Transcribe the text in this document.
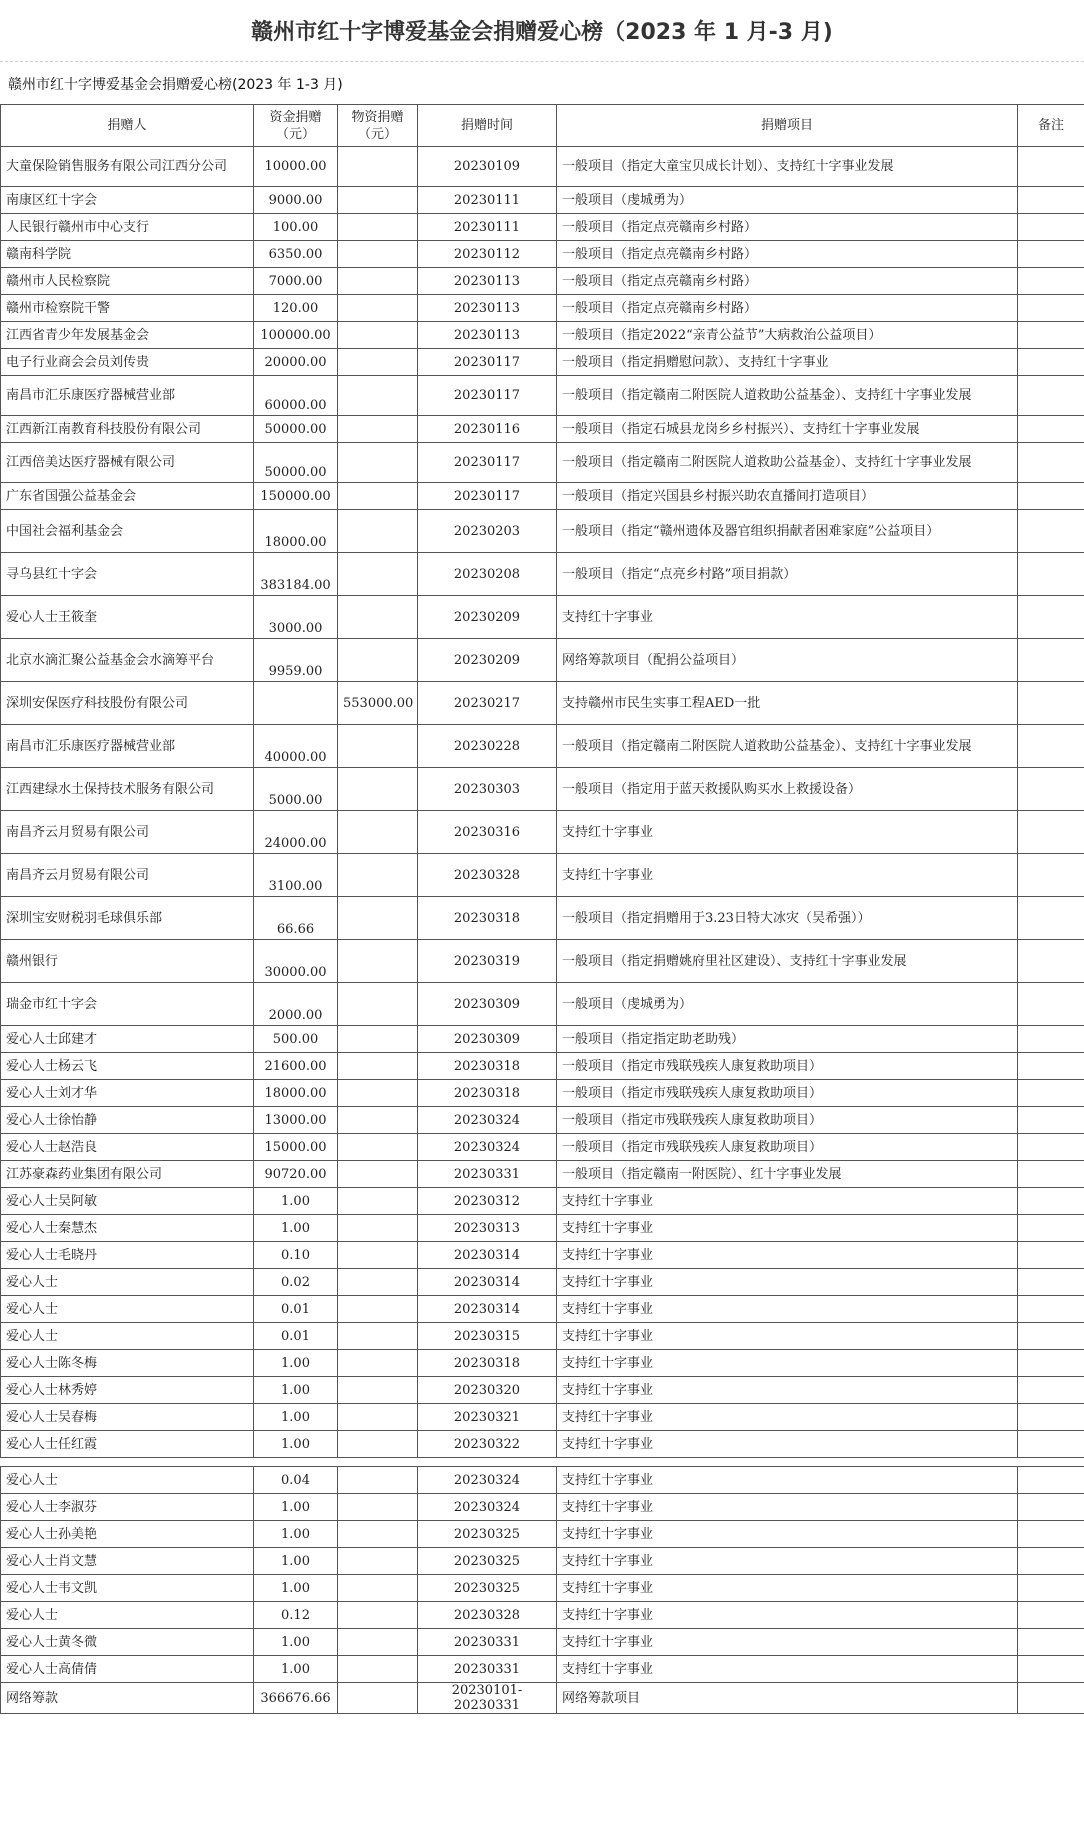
赣州市红十字博爱基金会捐赠爱心榜（2023 年 1 月-3 月)
赣州市红十字博爱基金会捐赠爱心榜(2023 年 1-3 月)
捐赠人	资金捐赠（元）	物资捐赠（元）	捐赠时间	捐赠项目	备注
大童保险销售服务有限公司江西分公司	10000.00		20230109	一般项目（指定大童宝贝成长计划）、支持红十字事业发展	
南康区红十字会	9000.00		20230111	一般项目（虔城勇为）	
人民银行赣州市中心支行	100.00		20230111	一般项目（指定点亮赣南乡村路）	
赣南科学院	6350.00		20230112	一般项目（指定点亮赣南乡村路）	
赣州市人民检察院	7000.00		20230113	一般项目（指定点亮赣南乡村路）	
赣州市检察院干警	120.00		20230113	一般项目（指定点亮赣南乡村路）	
江西省青少年发展基金会	100000.00		20230113	一般项目（指定2022“亲青公益节”大病救治公益项目）	
电子行业商会会员刘传贵	20000.00		20230117	一般项目（指定捐赠慰问款）、支持红十字事业	
南昌市汇乐康医疗器械营业部	60000.00		20230117	一般项目（指定赣南二附医院人道救助公益基金）、支持红十字事业发展	
江西新江南教育科技股份有限公司	50000.00		20230116	一般项目（指定石城县龙岗乡乡村振兴）、支持红十字事业发展	
江西倍美达医疗器械有限公司	50000.00		20230117	一般项目（指定赣南二附医院人道救助公益基金）、支持红十字事业发展	
广东省国强公益基金会	150000.00		20230117	一般项目（指定兴国县乡村振兴助农直播间打造项目）	
中国社会福利基金会	18000.00		20230203	一般项目（指定“赣州遗体及器官组织捐献者困难家庭”公益项目）	
寻乌县红十字会	383184.00		20230208	一般项目（指定“点亮乡村路”项目捐款）	
爱心人士王筱奎	3000.00		20230209	支持红十字事业	
北京水滴汇聚公益基金会水滴筹平台	9959.00		20230209	网络筹款项目（配捐公益项目）	
深圳安保医疗科技股份有限公司		553000.00	20230217	支持赣州市民生实事工程AED一批	
南昌市汇乐康医疗器械营业部	40000.00		20230228	一般项目（指定赣南二附医院人道救助公益基金）、支持红十字事业发展	
江西建绿水土保持技术服务有限公司	5000.00		20230303	一般项目（指定用于蓝天救援队购买水上救援设备）	
南昌齐云月贸易有限公司	24000.00		20230316	支持红十字事业	
南昌齐云月贸易有限公司	3100.00		20230328	支持红十字事业	
深圳宝安财税羽毛球俱乐部	66.66		20230318	一般项目（指定捐赠用于3.23日特大冰灾（吴希强））	
赣州银行	30000.00		20230319	一般项目（指定捐赠姚府里社区建设）、支持红十字事业发展	
瑞金市红十字会	2000.00		20230309	一般项目（虔城勇为）	
爱心人士邱建才	500.00		20230309	一般项目（指定指定助老助残）	
爱心人士杨云飞	21600.00		20230318	一般项目（指定市残联残疾人康复救助项目）	
爱心人士刘才华	18000.00		20230318	一般项目（指定市残联残疾人康复救助项目）	
爱心人士徐怡静	13000.00		20230324	一般项目（指定市残联残疾人康复救助项目）	
爱心人士赵浩良	15000.00		20230324	一般项目（指定市残联残疾人康复救助项目）	
江苏豪森药业集团有限公司	90720.00		20230331	一般项目（指定赣南一附医院）、红十字事业发展	
爱心人士吴阿敏	1.00		20230312	支持红十字事业	
爱心人士秦慧杰	1.00		20230313	支持红十字事业	
爱心人士毛晓丹	0.10		20230314	支持红十字事业	
爱心人士	0.02		20230314	支持红十字事业	
爱心人士	0.01		20230314	支持红十字事业	
爱心人士	0.01		20230315	支持红十字事业	
爱心人士陈冬梅	1.00		20230318	支持红十字事业	
爱心人士林秀婷	1.00		20230320	支持红十字事业	
爱心人士吴春梅	1.00		20230321	支持红十字事业	
爱心人士任红霞	1.00		20230322	支持红十字事业	

爱心人士	0.04		20230324	支持红十字事业	
爱心人士李淑芬	1.00		20230324	支持红十字事业	
爱心人士孙美艳	1.00		20230325	支持红十字事业	
爱心人士肖文慧	1.00		20230325	支持红十字事业	
爱心人士韦文凯	1.00		20230325	支持红十字事业	
爱心人士	0.12		20230328	支持红十字事业	
爱心人士黄冬微	1.00		20230331	支持红十字事业	
爱心人士高倩倩	1.00		20230331	支持红十字事业	
网络筹款	366676.66		20230101-20230331	网络筹款项目	
